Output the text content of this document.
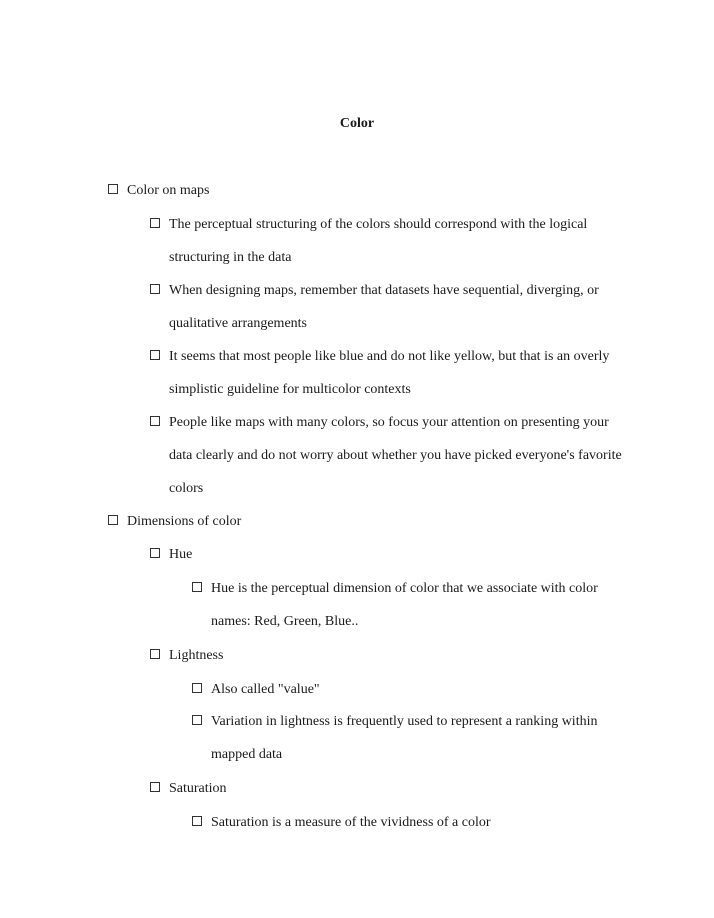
Color
Color on maps
The perceptual structuring of the colors should correspond with the logical structuring in the data
When designing maps, remember that datasets have sequential, diverging, or qualitative arrangements
It seems that most people like blue and do not like yellow, but that is an overly simplistic guideline for multicolor contexts
People like maps with many colors, so focus your attention on presenting your data clearly and do not worry about whether you have picked everyone's favorite colors
Dimensions of color
Hue
Hue is the perceptual dimension of color that we associate with color names: Red, Green, Blue..
Lightness
Also called "value"
Variation in lightness is frequently used to represent a ranking within mapped data
Saturation
Saturation is a measure of the vividness of a color
